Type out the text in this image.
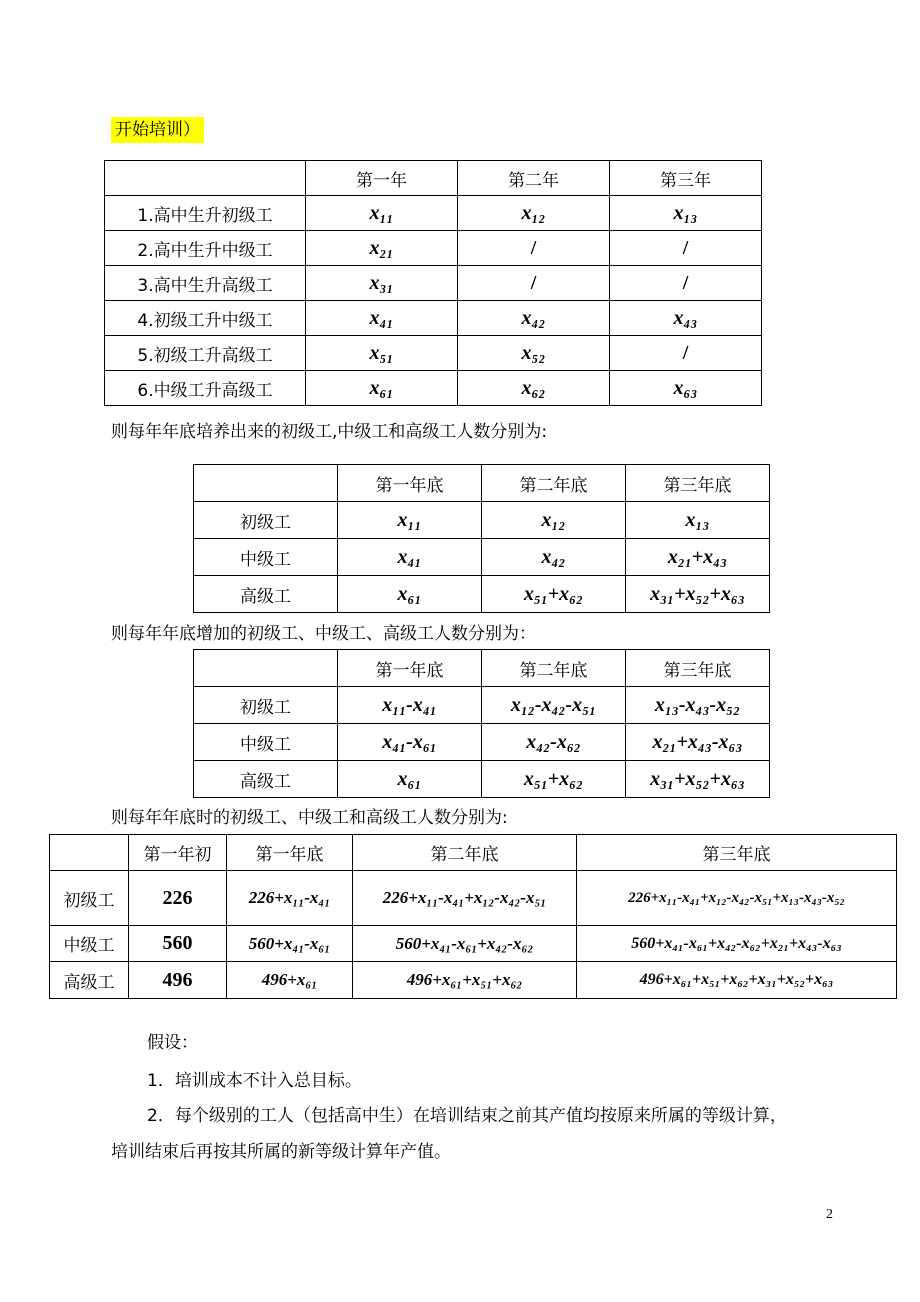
开始培训）
	第一年	第二年	第三年
1.高中生升初级工	x₁₁	x₁₂	x₁₃
2.高中生升中级工	x₂₁	/	/
3.高中生升高级工	x₃₁	/	/
4.初级工升中级工	x₄₁	x₄₂	x₄₃
5.初级工升高级工	x₅₁	x₅₂	/
6.中级工升高级工	x₆₁	x₆₂	x₆₃
则每年年底培养出来的初级工,中级工和高级工人数分别为:
	第一年底	第二年底	第三年底
初级工	x₁₁	x₁₂	x₁₃
中级工	x₄₁	x₄₂	x₂₁+x₄₃
高级工	x₆₁	x₅₁+x₆₂	x₃₁+x₅₂+x₆₃
则每年年底增加的初级工、中级工、高级工人数分别为：
	第一年底	第二年底	第三年底
初级工	x₁₁-x₄₁	x₁₂-x₄₂-x₅₁	x₁₃-x₄₃-x₅₂
中级工	x₄₁-x₆₁	x₄₂-x₆₂	x₂₁+x₄₃-x₆₃
高级工	x₆₁	x₅₁+x₆₂	x₃₁+x₅₂+x₆₃
则每年年底时的初级工、中级工和高级工人数分别为:
	第一年初	第一年底	第二年底	第三年底
初级工	226	226+x₁₁-x₄₁	226+x₁₁-x₄₁+x₁₂-x₄₂-x₅₁	226+x₁₁-x₄₁+x₁₂-x₄₂-x₅₁+x₁₃-x₄₃-x₅₂
中级工	560	560+x₄₁-x₆₁	560+x₄₁-x₆₁+x₄₂-x₆₂	560+x₄₁-x₆₁+x₄₂-x₆₂+x₂₁+x₄₃-x₆₃
高级工	496	496+x₆₁	496+x₆₁+x₅₁+x₆₂	496+x₆₁+x₅₁+x₆₂+x₃₁+x₅₂+x₆₃
假设：
1．培训成本不计入总目标。
2．每个级别的工人（包括高中生）在培训结束之前其产值均按原来所属的等级计算，
培训结束后再按其所属的新等级计算年产值。
2
